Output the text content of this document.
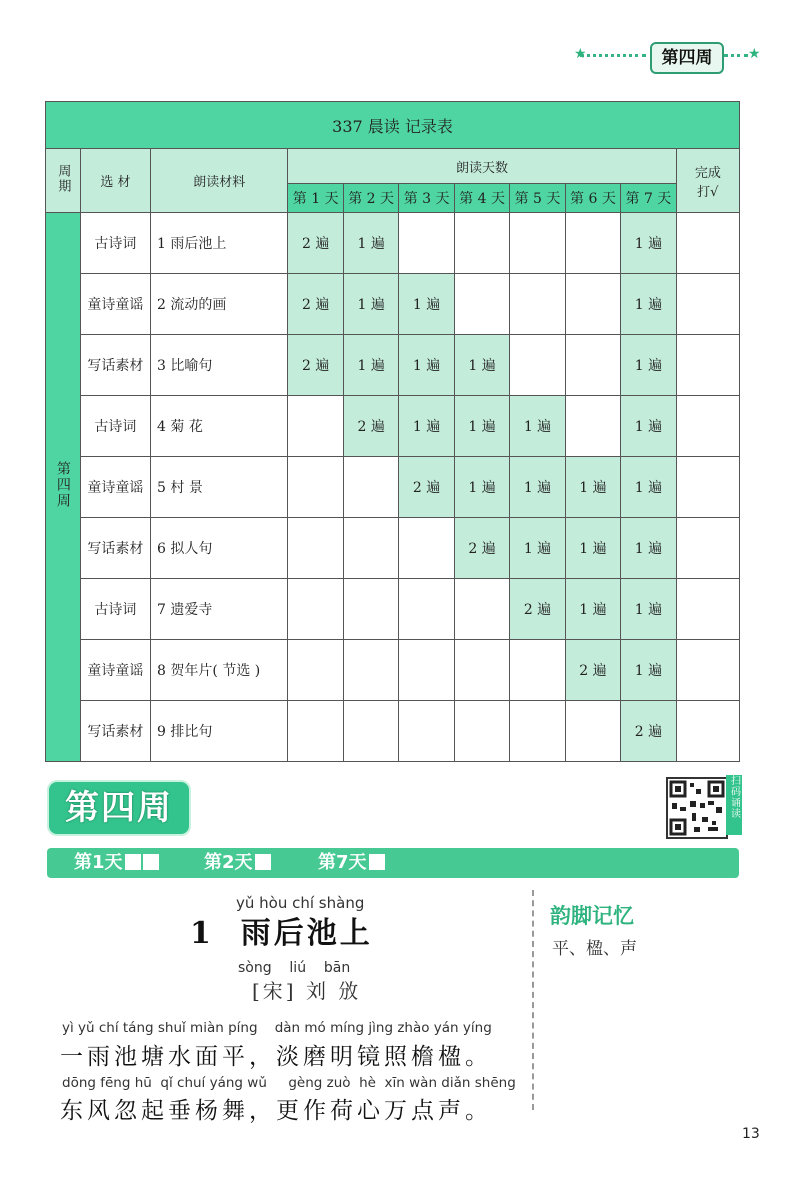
★	第四周	★
337 晨读 记录表										
周期	选 材	朗读材料	朗读天数							完成
打√

			第 1 天	第 2 天	第 3 天	第 4 天	第 5 天	第 6 天	第 7 天	
第四周	古诗词	1 雨后池上	2 遍	1 遍					1 遍	
	童诗童谣	2 流动的画	2 遍	1 遍	1 遍				1 遍	
	写话素材	3 比喻句	2 遍	1 遍	1 遍	1 遍			1 遍	
	古诗词	4 菊 花		2 遍	1 遍	1 遍	1 遍		1 遍	
	童诗童谣	5 村 景			2 遍	1 遍	1 遍	1 遍	1 遍	
	写话素材	6 拟人句				2 遍	1 遍	1 遍	1 遍	
	古诗词	7 遗爱寺					2 遍	1 遍	1 遍	
	童诗童谣	8 贺年片( 节选 )						2 遍	1 遍	
	写话素材	9 排比句							2 遍	
第四周	扫码诵读
第1天	第2天	第7天
yǔ hòu chí shàng
1 雨后池上
sòng    liú    bān
[宋] 刘 攽
yì yǔ chí táng shuǐ miàn píng    dàn mó míng jìng zhào yán yíng
一雨池塘水面平，淡磨明镜照檐楹。
dōng fēng hū  qǐ chuí yáng wǔ     gèng zuò  hè  xīn wàn diǎn shēng
东风忽起垂杨舞，更作荷心万点声。
韵脚记忆
平、楹、声
13
